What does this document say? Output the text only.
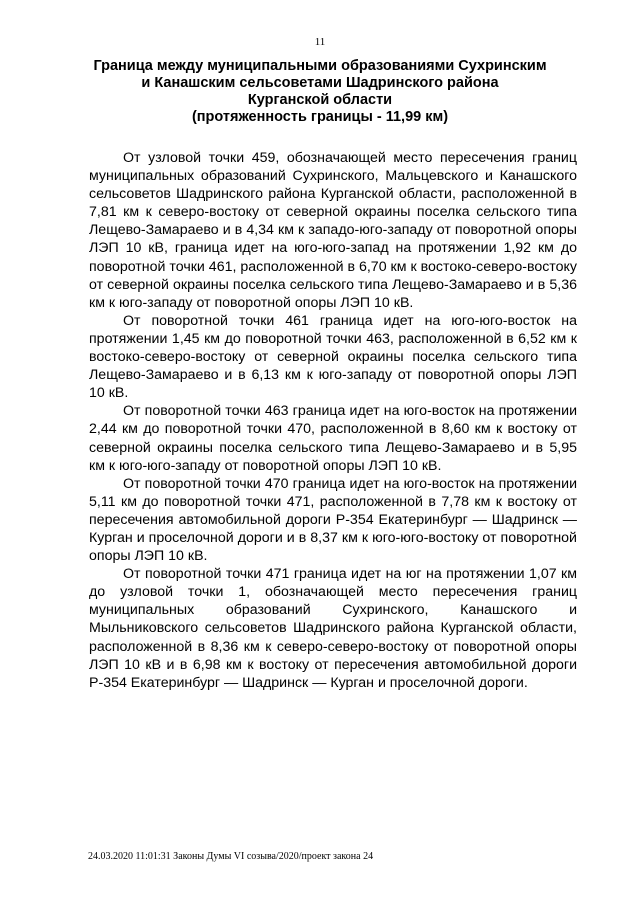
11
Граница между муниципальными образованиями Сухринским
и Канашским сельсоветами Шадринского района
Курганской области
(протяженность границы - 11,99 км)

От узловой точки 459, обозначающей место пересечения границ муниципальных образований Сухринского, Мальцевского и Канашского сельсоветов Шадринского района Курганской области, расположенной в 7,81 км к северо-востоку от северной окраины поселка сельского типа Лещево-Замараево и в 4,34 км к западо-юго-западу от поворотной опоры ЛЭП 10 кВ, граница идет на юго-юго-запад на протяжении 1,92 км до поворотной точки 461, расположенной в 6,70 км к востоко-северо-востоку от северной окраины поселка сельского типа Лещево-Замараево и в 5,36 км к юго-западу от поворотной опоры ЛЭП 10 кВ.

От поворотной точки 461 граница идет на юго-юго-восток на протяжении 1,45 км до поворотной точки 463, расположенной в 6,52 км к востоко-северо-востоку от северной окраины поселка сельского типа Лещево-Замараево и в 6,13 км к юго-западу от поворотной опоры ЛЭП 10 кВ.

От поворотной точки 463 граница идет на юго-восток на протяжении 2,44 км до поворотной точки 470, расположенной в 8,60 км к востоку от северной окраины поселка сельского типа Лещево-Замараево и в 5,95 км к юго-юго-западу от поворотной опоры ЛЭП 10 кВ.

От поворотной точки 470 граница идет на юго-восток на протяжении 5,11 км до поворотной точки 471, расположенной в 7,78 км к востоку от пересечения автомобильной дороги Р-354 Екатеринбург — Шадринск — Курган и проселочной дороги и в 8,37 км к юго-юго-востоку от поворотной опоры ЛЭП 10 кВ.

От поворотной точки 471 граница идет на юг на протяжении 1,07 км до узловой точки 1, обозначающей место пересечения границ муниципальных образований Сухринского, Канашского и Мыльниковского сельсоветов Шадринского района Курганской области, расположенной в 8,36 км к северо-северо-востоку от поворотной опоры ЛЭП 10 кВ и в 6,98 км к востоку от пересечения автомобильной дороги Р-354 Екатеринбург — Шадринск — Курган и проселочной дороги.

24.03.2020 11:01:31 Законы Думы VI созыва/2020/проект закона 24
